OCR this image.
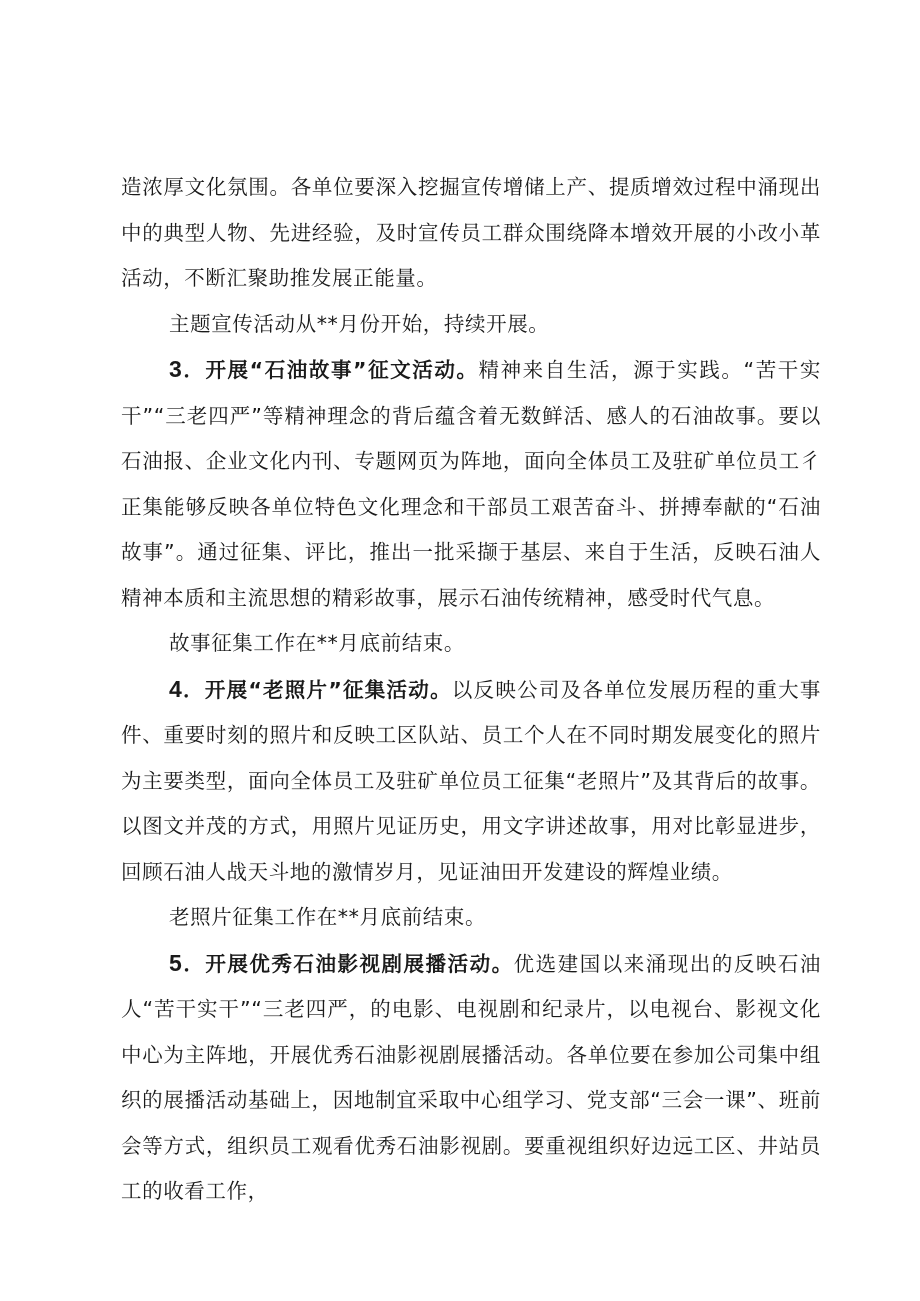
造浓厚文化氛围。各单位要深入挖掘宣传增储上产、提质增效过程中涌现出中的典型人物、先进经验，及时宣传员工群众围绕降本增效开展的小改小革活动，不断汇聚助推发展正能量。

主题宣传活动从**月份开始，持续开展。

3．开展“石油故事”征文活动。精神来自生活，源于实践。“苦干实干”“三老四严”等精神理念的背后蕴含着无数鲜活、感人的石油故事。要以石油报、企业文化内刊、专题网页为阵地，面向全体员工及驻矿单位员工彳正集能够反映各单位特色文化理念和干部员工艰苦奋斗、拼搏奉献的“石油故事”。通过征集、评比，推出一批采撷于基层、来自于生活，反映石油人精神本质和主流思想的精彩故事，展示石油传统精神，感受时代气息。

故事征集工作在**月底前结束。

4．开展“老照片”征集活动。以反映公司及各单位发展历程的重大事件、重要时刻的照片和反映工区队站、员工个人在不同时期发展变化的照片为主要类型，面向全体员工及驻矿单位员工征集“老照片”及其背后的故事。以图文并茂的方式，用照片见证历史，用文字讲述故事，用对比彰显进步，回顾石油人战天斗地的激情岁月，见证油田开发建设的辉煌业绩。

老照片征集工作在**月底前结束。

5．开展优秀石油影视剧展播活动。优选建国以来涌现出的反映石油人“苦干实干”“三老四严，的电影、电视剧和纪录片，以电视台、影视文化中心为主阵地，开展优秀石油影视剧展播活动。各单位要在参加公司集中组织的展播活动基础上，因地制宜采取中心组学习、党支部“三会一课”、班前会等方式，组织员工观看优秀石油影视剧。要重视组织好边远工区、井站员工的收看工作，
